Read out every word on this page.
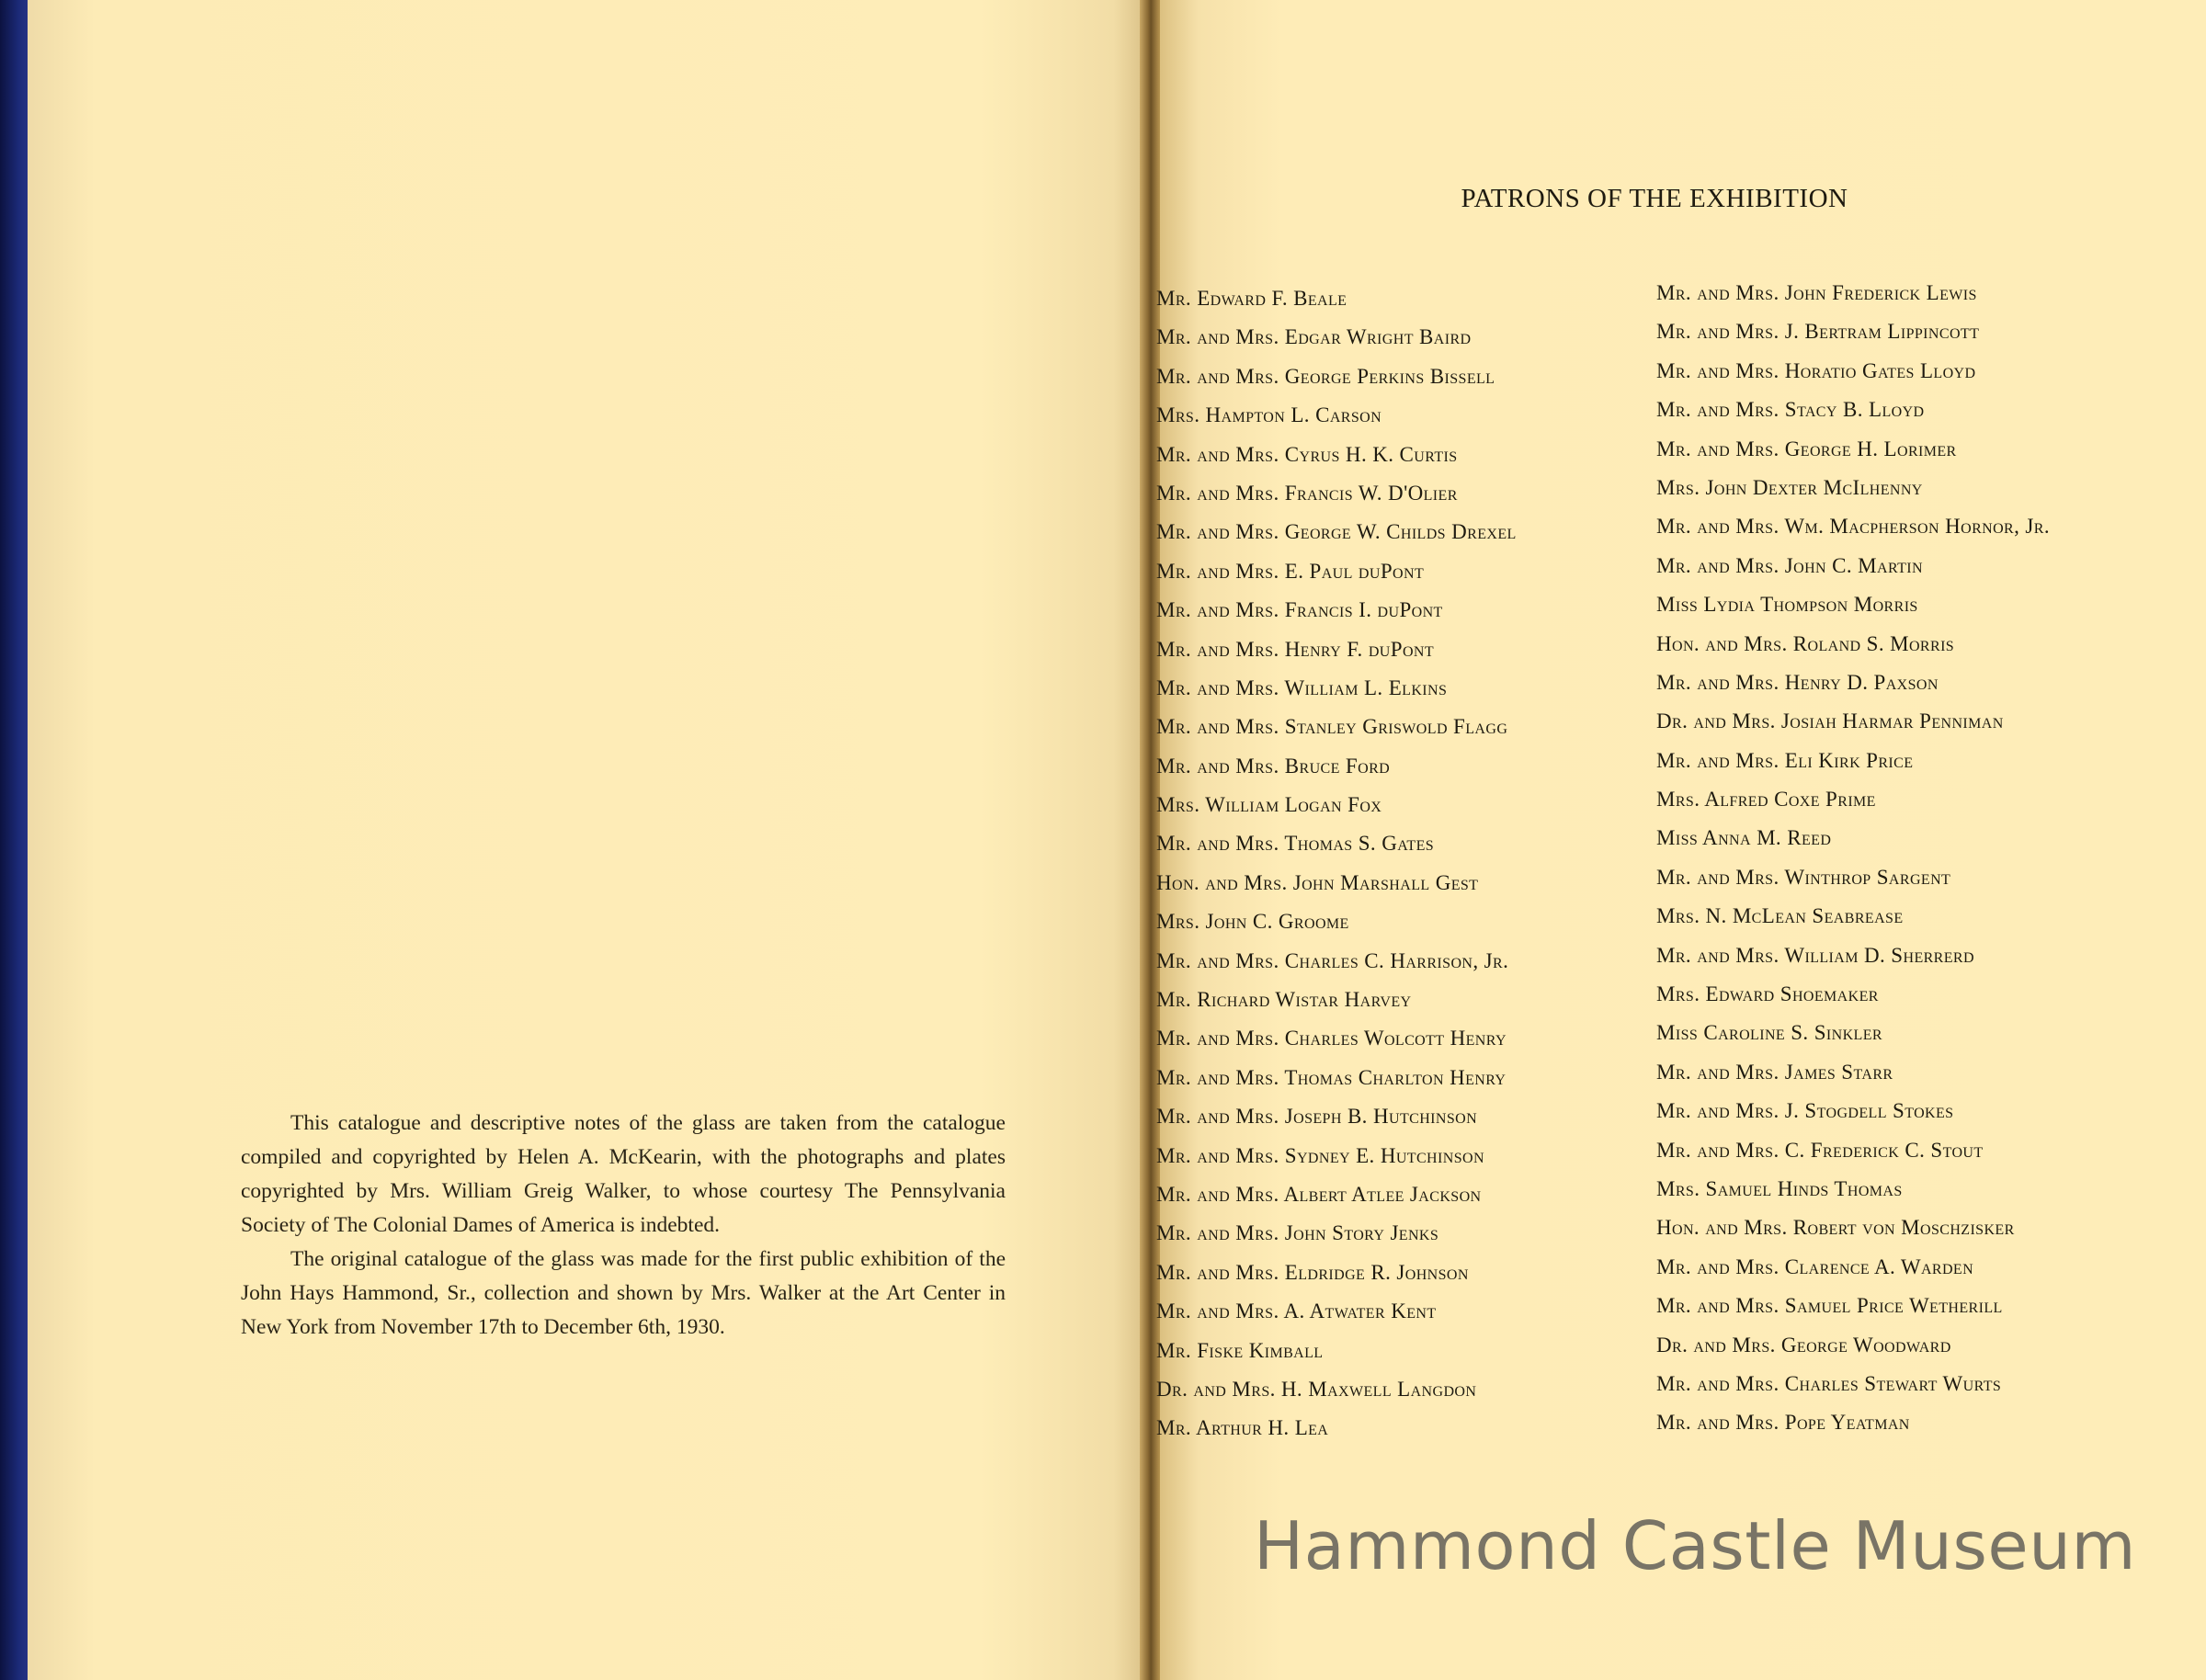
This catalogue and descriptive notes of the glass are taken from the catalogue compiled and copyrighted by Helen A. McKearin, with the photographs and plates copyrighted by Mrs. William Greig Walker, to whose courtesy The Pennsylvania Society of The Colonial Dames of America is indebted.

The original catalogue of the glass was made for the first public exhibition of the John Hays Hammond, Sr., collection and shown by Mrs. Walker at the Art Center in New York from November 17th to December 6th, 1930.

PATRONS OF THE EXHIBITION
Mr. Edward F. Beale
Mr. and Mrs. Edgar Wright Baird
Mr. and Mrs. George Perkins Bissell
Mrs. Hampton L. Carson
Mr. and Mrs. Cyrus H. K. Curtis
Mr. and Mrs. Francis W. D'Olier
Mr. and Mrs. George W. Childs Drexel
Mr. and Mrs. E. Paul duPont
Mr. and Mrs. Francis I. duPont
Mr. and Mrs. Henry F. duPont
Mr. and Mrs. William L. Elkins
Mr. and Mrs. Stanley Griswold Flagg
Mr. and Mrs. Bruce Ford
Mrs. William Logan Fox
Mr. and Mrs. Thomas S. Gates
Hon. and Mrs. John Marshall Gest
Mrs. John C. Groome
Mr. and Mrs. Charles C. Harrison, Jr.
Mr. Richard Wistar Harvey
Mr. and Mrs. Charles Wolcott Henry
Mr. and Mrs. Thomas Charlton Henry
Mr. and Mrs. Joseph B. Hutchinson
Mr. and Mrs. Sydney E. Hutchinson
Mr. and Mrs. Albert Atlee Jackson
Mr. and Mrs. John Story Jenks
Mr. and Mrs. Eldridge R. Johnson
Mr. and Mrs. A. Atwater Kent
Mr. Fiske Kimball
Dr. and Mrs. H. Maxwell Langdon
Mr. Arthur H. Lea
Mr. and Mrs. John Frederick Lewis
Mr. and Mrs. J. Bertram Lippincott
Mr. and Mrs. Horatio Gates Lloyd
Mr. and Mrs. Stacy B. Lloyd
Mr. and Mrs. George H. Lorimer
Mrs. John Dexter McIlhenny
Mr. and Mrs. Wm. Macpherson Hornor, Jr.
Mr. and Mrs. John C. Martin
Miss Lydia Thompson Morris
Hon. and Mrs. Roland S. Morris
Mr. and Mrs. Henry D. Paxson
Dr. and Mrs. Josiah Harmar Penniman
Mr. and Mrs. Eli Kirk Price
Mrs. Alfred Coxe Prime
Miss Anna M. Reed
Mr. and Mrs. Winthrop Sargent
Mrs. N. McLean Seabrease
Mr. and Mrs. William D. Sherrerd
Mrs. Edward Shoemaker
Miss Caroline S. Sinkler
Mr. and Mrs. James Starr
Mr. and Mrs. J. Stogdell Stokes
Mr. and Mrs. C. Frederick C. Stout
Mrs. Samuel Hinds Thomas
Hon. and Mrs. Robert von Moschzisker
Mr. and Mrs. Clarence A. Warden
Mr. and Mrs. Samuel Price Wetherill
Dr. and Mrs. George Woodward
Mr. and Mrs. Charles Stewart Wurts
Mr. and Mrs. Pope Yeatman
Hammond Castle Museum
